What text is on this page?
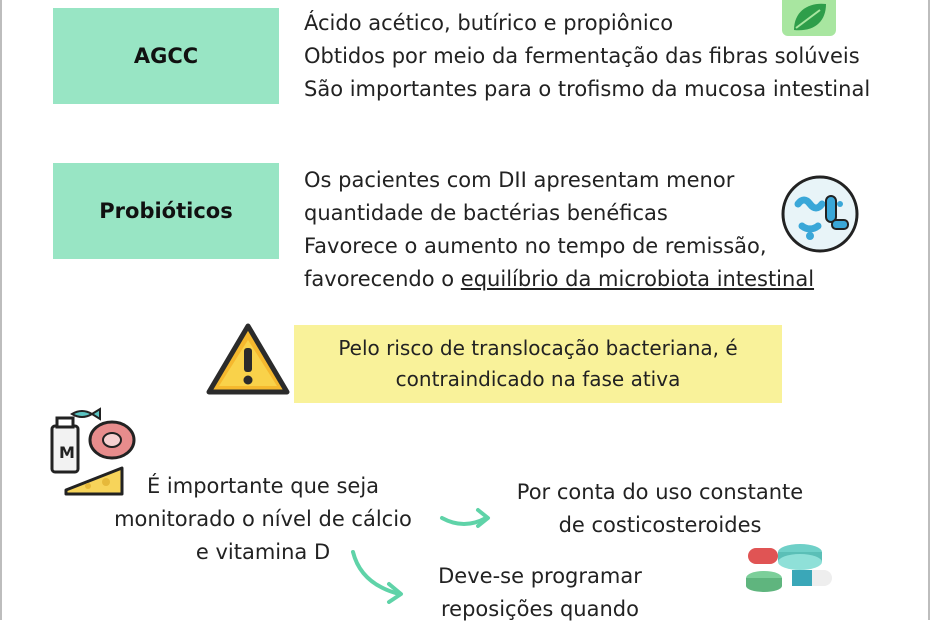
AGCC
Ácido acético, butírico e propiônico
Obtidos por meio da fermentação das fibras solúveis
São importantes para o trofismo da mucosa intestinal
Probióticos
Os pacientes com DII apresentam menor
quantidade de bactérias benéficas
Favorece o aumento no tempo de remissão,
favorecendo o equilíbrio da microbiota intestinal
Pelo risco de translocação bacteriana, é
contraindicado na fase ativa
M
É importante que seja
monitorado o nível de cálcio
e vitamina D
Por conta do uso constante
de costicosteroides
Deve-se programar
reposições quando
